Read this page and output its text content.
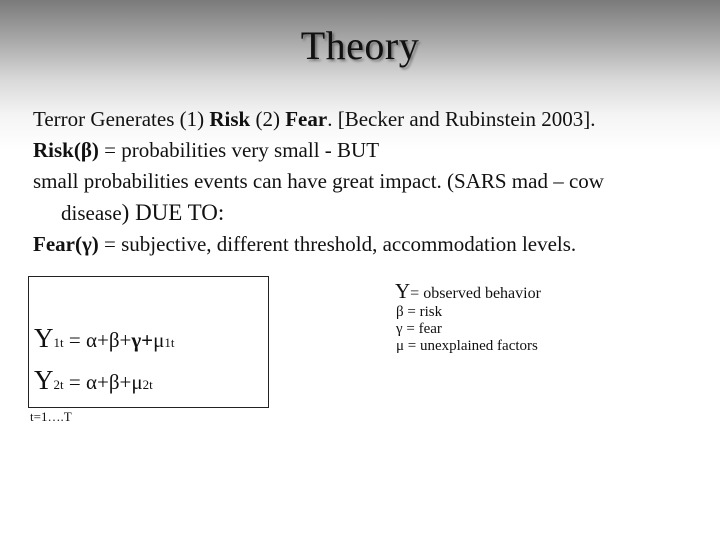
Theory
Terror Generates (1) Risk (2) Fear. [Becker and Rubinstein 2003].
Risk(β) = probabilities very small - BUT
small probabilities events can have great impact. (SARS mad – cow
disease) DUE TO:
Fear(γ) = subjective, different threshold, accommodation levels.
Y1t = α+β+γ+μ1t
Y2t = α+β+μ2t
t=1….T
Y= observed behavior
β = risk
γ = fear
μ = unexplained factors
